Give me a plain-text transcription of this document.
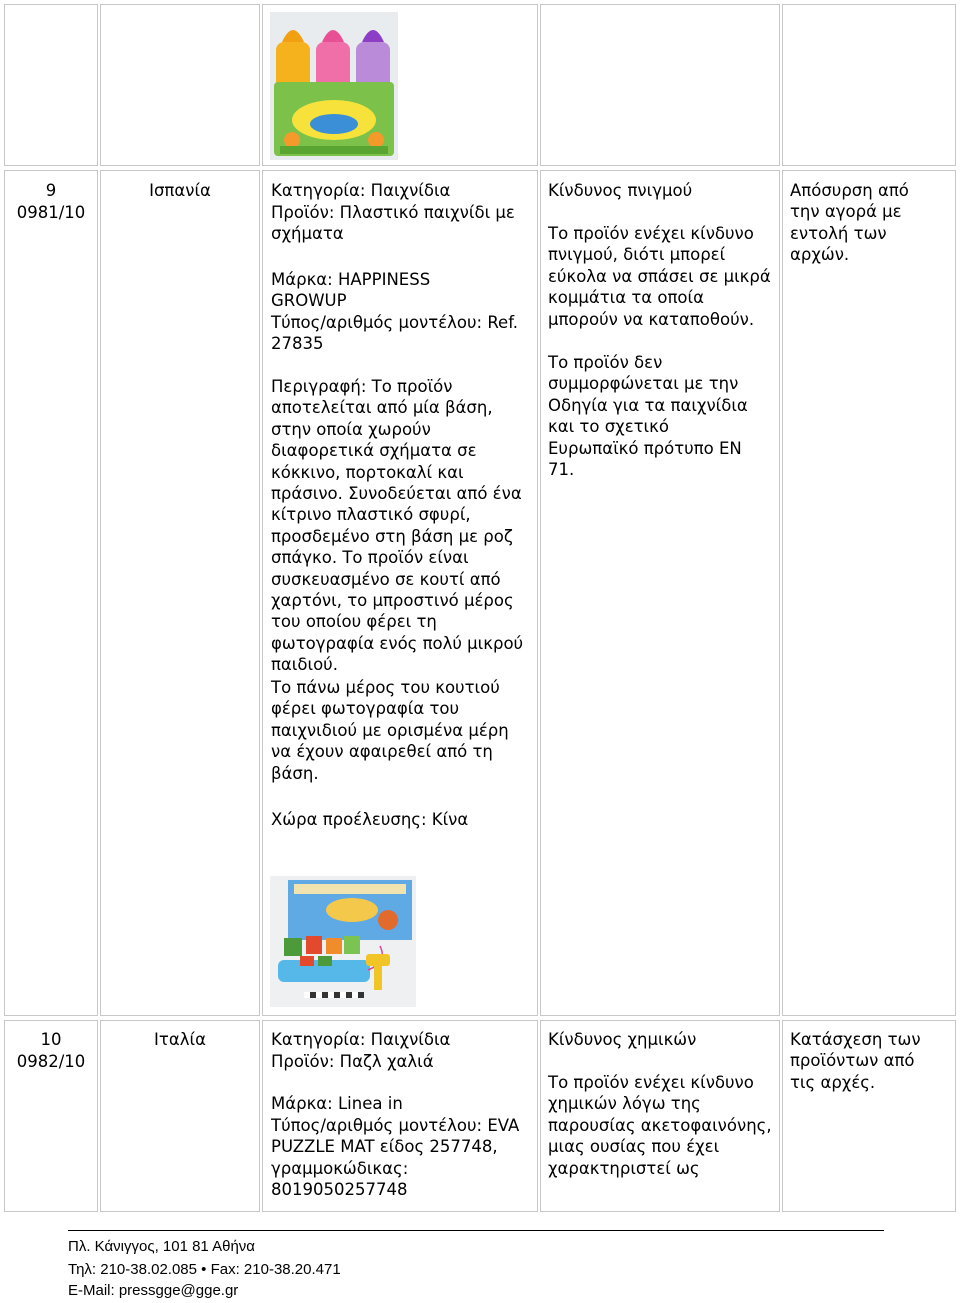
9
0981/10
Ισπανία	Κατηγορία: Παιχνίδια
Προϊόν: Πλαστικό παιχνίδι με σχήματα
Μάρκα: HAPPINESS GROWUP
Τύπος/αριθμός μοντέλου: Ref. 27835
Περιγραφή: Το προϊόν αποτελείται από μία βάση, στην οποία χωρούν διαφορετικά σχήματα σε κόκκινο, πορτοκαλί και πράσινο. Συνοδεύεται από ένα κίτρινο πλαστικό σφυρί, προσδεμένο στη βάση με ροζ σπάγκο. Το προϊόν είναι συσκευασμένο σε κουτί από χαρτόνι, το μπροστινό μέρος του οποίου φέρει τη φωτογραφία ενός πολύ μικρού παιδιού.
Το πάνω μέρος του κουτιού φέρει φωτογραφία του παιχνιδιού με ορισμένα μέρη να έχουν αφαιρεθεί από τη βάση.
Χώρα προέλευσης: Κίνα
Κίνδυνος πνιγμού
Το προϊόν ενέχει κίνδυνο πνιγμού, διότι μπορεί εύκολα να σπάσει σε μικρά κομμάτια τα οποία μπορούν να καταποθούν.
Το προϊόν δεν συμμορφώνεται με την Οδηγία για τα παιχνίδια και το σχετικό Ευρωπαϊκό πρότυπο EN 71.
Απόσυρση από την αγορά με εντολή των αρχών.
10
0982/10
Ιταλία	Κατηγορία: Παιχνίδια
Προϊόν: Παζλ χαλιά
Μάρκα: Linea in
Τύπος/αριθμός μοντέλου: EVA PUZZLE MAT είδος 257748, γραμμοκώδικας: 8019050257748
Κίνδυνος χημικών
Το προϊόν ενέχει κίνδυνο χημικών λόγω της παρουσίας ακετοφαινόνης, μιας ουσίας που έχει χαρακτηριστεί ως
Κατάσχεση των προϊόντων από τις αρχές.
Πλ. Κάνιγγος, 101 81 Αθήνα
Τηλ: 210-38.02.085 • Fax: 210-38.20.471
E-Mail: pressgge@gge.gr
